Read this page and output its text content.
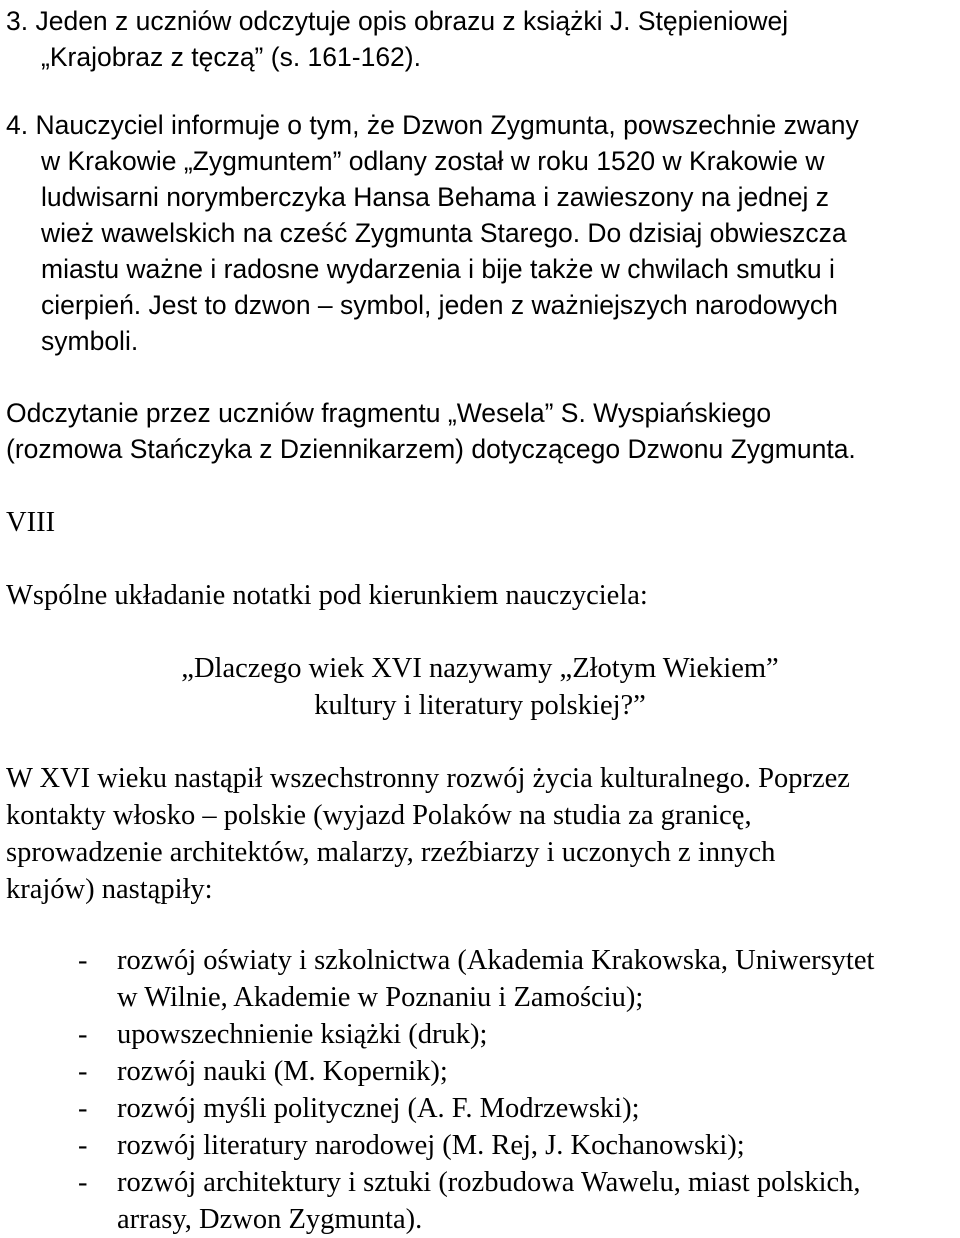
3. Jeden z uczniów odczytuje opis obrazu z książki J. Stępieniowej
„Krajobraz z tęczą” (s. 161-162).
4. Nauczyciel informuje o tym, że Dzwon Zygmunta, powszechnie zwany
w Krakowie „Zygmuntem” odlany został w roku 1520 w Krakowie w
ludwisarni norymberczyka Hansa Behama i zawieszony na jednej z
wież wawelskich na cześć Zygmunta Starego. Do dzisiaj obwieszcza
miastu ważne i radosne wydarzenia i bije także w chwilach smutku i
cierpień. Jest to dzwon – symbol, jeden z ważniejszych narodowych
symboli.
Odczytanie przez uczniów fragmentu „Wesela” S. Wyspiańskiego
(rozmowa Stańczyka z Dziennikarzem) dotyczącego Dzwonu Zygmunta.
VIII
Wspólne układanie notatki pod kierunkiem nauczyciela:
„Dlaczego wiek XVI nazywamy „Złotym Wiekiem”
kultury i literatury polskiej?”
W XVI wieku nastąpił wszechstronny rozwój życia kulturalnego. Poprzez
kontakty włosko – polskie (wyjazd Polaków na studia za granicę,
sprowadzenie architektów, malarzy, rzeźbiarzy i uczonych z innych
krajów) nastąpiły:
- rozwój oświaty i szkolnictwa (Akademia Krakowska, Uniwersytet
w Wilnie, Akademie w Poznaniu i Zamościu);
- upowszechnienie książki (druk);
- rozwój nauki (M. Kopernik);
- rozwój myśli politycznej (A. F. Modrzewski);
- rozwój literatury narodowej (M. Rej, J. Kochanowski);
- rozwój architektury i sztuki (rozbudowa Wawelu, miast polskich,
arrasy, Dzwon Zygmunta).
